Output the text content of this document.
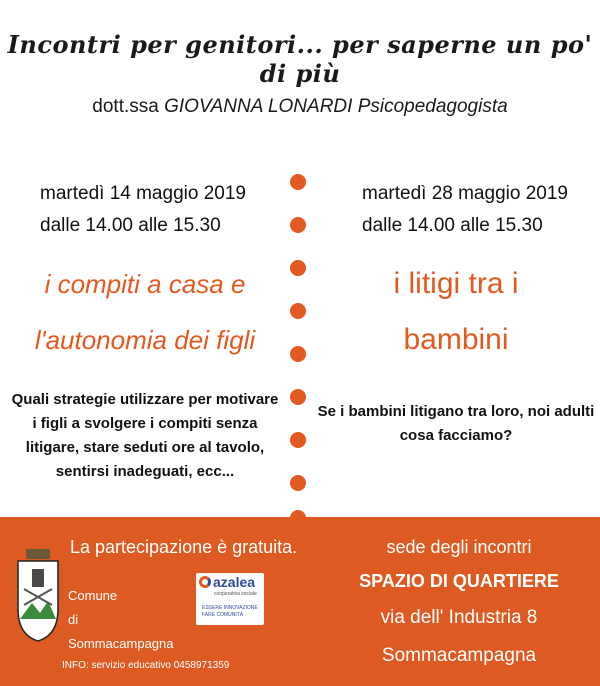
Incontri per genitori... per saperne un po' di più
dott.ssa GIOVANNA LONARDI Psicopedagogista
martedì 14 maggio 2019
dalle 14.00 alle 15.30
i compiti a casa e
l'autonomia dei figli
Quali strategie utilizzare per motivare
i figli a svolgere i compiti senza
litigare, stare seduti ore al tavolo,
sentirsi inadeguati, ecc...
martedì 28 maggio 2019
dalle 14.00 alle 15.30
i litigi tra i
bambini
Se i bambini litigano tra loro, noi adulti
cosa facciamo?
La partecipazione è gratuita.
Comune
di
Sommacampagna
azalea
cooperativa sociale
ESSERE INNOVAZIONE
FARE COMUNITÀ
INFO: servizio educativo 0458971359
sede degli incontri
SPAZIO DI QUARTIERE
via dell' Industria 8
Sommacampagna
